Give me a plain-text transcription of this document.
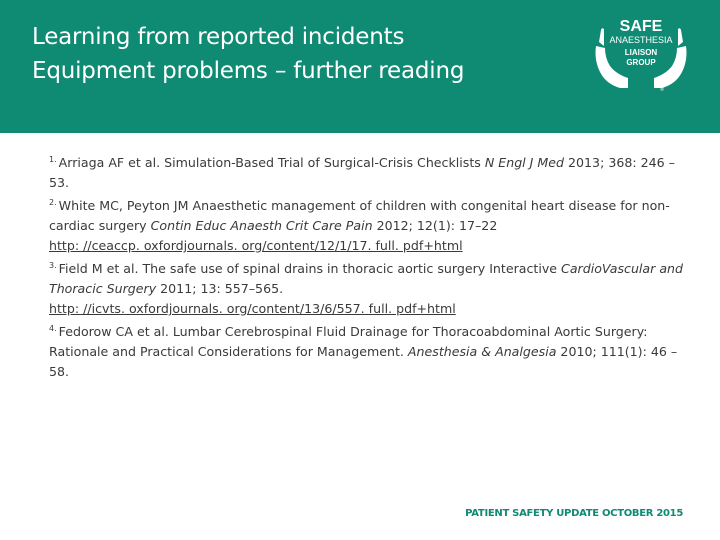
Learning from reported incidents
Equipment problems – further reading
SAFE
ANAESTHESIA
LIAISON
GROUP
®

$^{1.}$ Arriaga AF et al. Simulation-Based Trial of Surgical-Crisis Checklists N Engl J Med 2013; 368: 246 –53.

$^{2.}$ White MC, Peyton JM Anaesthetic management of children with congenital heart disease for non-cardiac surgery Contin Educ Anaesth Crit Care Pain 2012; 12(1): 17–22
http: //ceaccp. oxfordjournals. org/content/12/1/17. full. pdf+html

$^{3.}$ Field M et al. The safe use of spinal drains in thoracic aortic surgery Interactive CardioVascular and Thoracic Surgery 2011; 13: 557–565.
http: //icvts. oxfordjournals. org/content/13/6/557. full. pdf+html

$^{4.}$ Fedorow CA et al. Lumbar Cerebrospinal Fluid Drainage for Thoracoabdominal Aortic Surgery: Rationale and Practical Considerations for Management. Anesthesia & Analgesia 2010; 111(1): 46 –58.

PATIENT SAFETY UPDATE OCTOBER 2015
